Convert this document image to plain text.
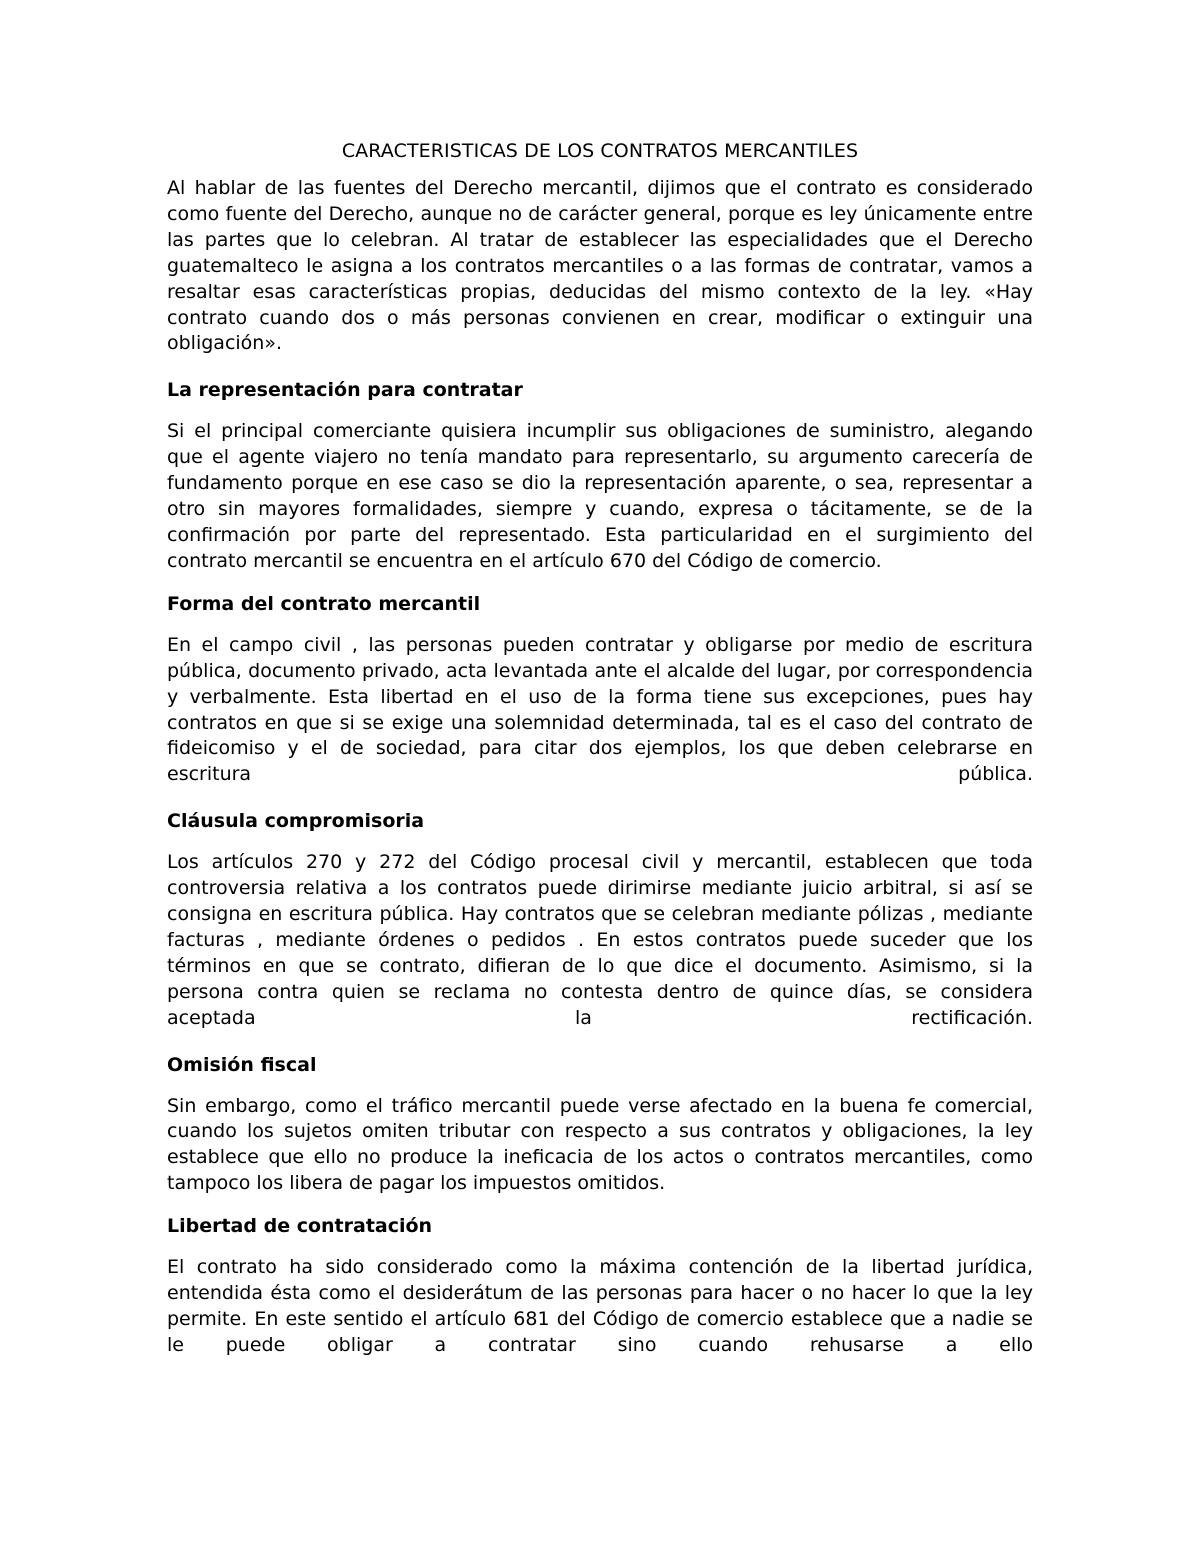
CARACTERISTICAS DE LOS CONTRATOS MERCANTILES

Al hablar de las fuentes del Derecho mercantil, dijimos que el contrato es considerado como fuente del Derecho, aunque no de carácter general, porque es ley únicamente entre las partes que lo celebran. Al tratar de establecer las especialidades que el Derecho guatemalteco le asigna a los contratos mercantiles o a las formas de contratar, vamos a resaltar esas características propias, deducidas del mismo contexto de la ley. «Hay contrato cuando dos o más personas convienen en crear, modificar o extinguir una obligación».

La representación para contratar

Si el principal comerciante quisiera incumplir sus obligaciones de suministro, alegando que el agente viajero no tenía mandato para representarlo, su argumento carecería de fundamento porque en ese caso se dio la representación aparente, o sea, representar a otro sin mayores formalidades, siempre y cuando, expresa o tácitamente, se de la confirmación por parte del representado. Esta particularidad en el surgimiento del contrato mercantil se encuentra en el artículo 670 del Código de comercio.

Forma del contrato mercantil

En el campo civil , las personas pueden contratar y obligarse por medio de escritura pública, documento privado, acta levantada ante el alcalde del lugar, por correspondencia y verbalmente. Esta libertad en el uso de la forma tiene sus excepciones, pues hay contratos en que si se exige una solemnidad determinada, tal es el caso del contrato de fideicomiso y el de sociedad, para citar dos ejemplos, los que deben celebrarse en escritura pública.

Cláusula compromisoria

Los artículos 270 y 272 del Código procesal civil y mercantil, establecen que toda controversia relativa a los contratos puede dirimirse mediante juicio arbitral, si así se consigna en escritura pública. Hay contratos que se celebran mediante pólizas , mediante facturas , mediante órdenes o pedidos . En estos contratos puede suceder que los términos en que se contrato, difieran de lo que dice el documento. Asimismo, si la persona contra quien se reclama no contesta dentro de quince días, se considera aceptada la rectificación.

Omisión fiscal

Sin embargo, como el tráfico mercantil puede verse afectado en la buena fe comercial, cuando los sujetos omiten tributar con respecto a sus contratos y obligaciones, la ley establece que ello no produce la ineficacia de los actos o contratos mercantiles, como tampoco los libera de pagar los impuestos omitidos.

Libertad de contratación

El contrato ha sido considerado como la máxima contención de la libertad jurídica, entendida ésta como el desiderátum de las personas para hacer o no hacer lo que la ley permite. En este sentido el artículo 681 del Código de comercio establece que a nadie se le puede obligar a contratar sino cuando rehusarse a ello
